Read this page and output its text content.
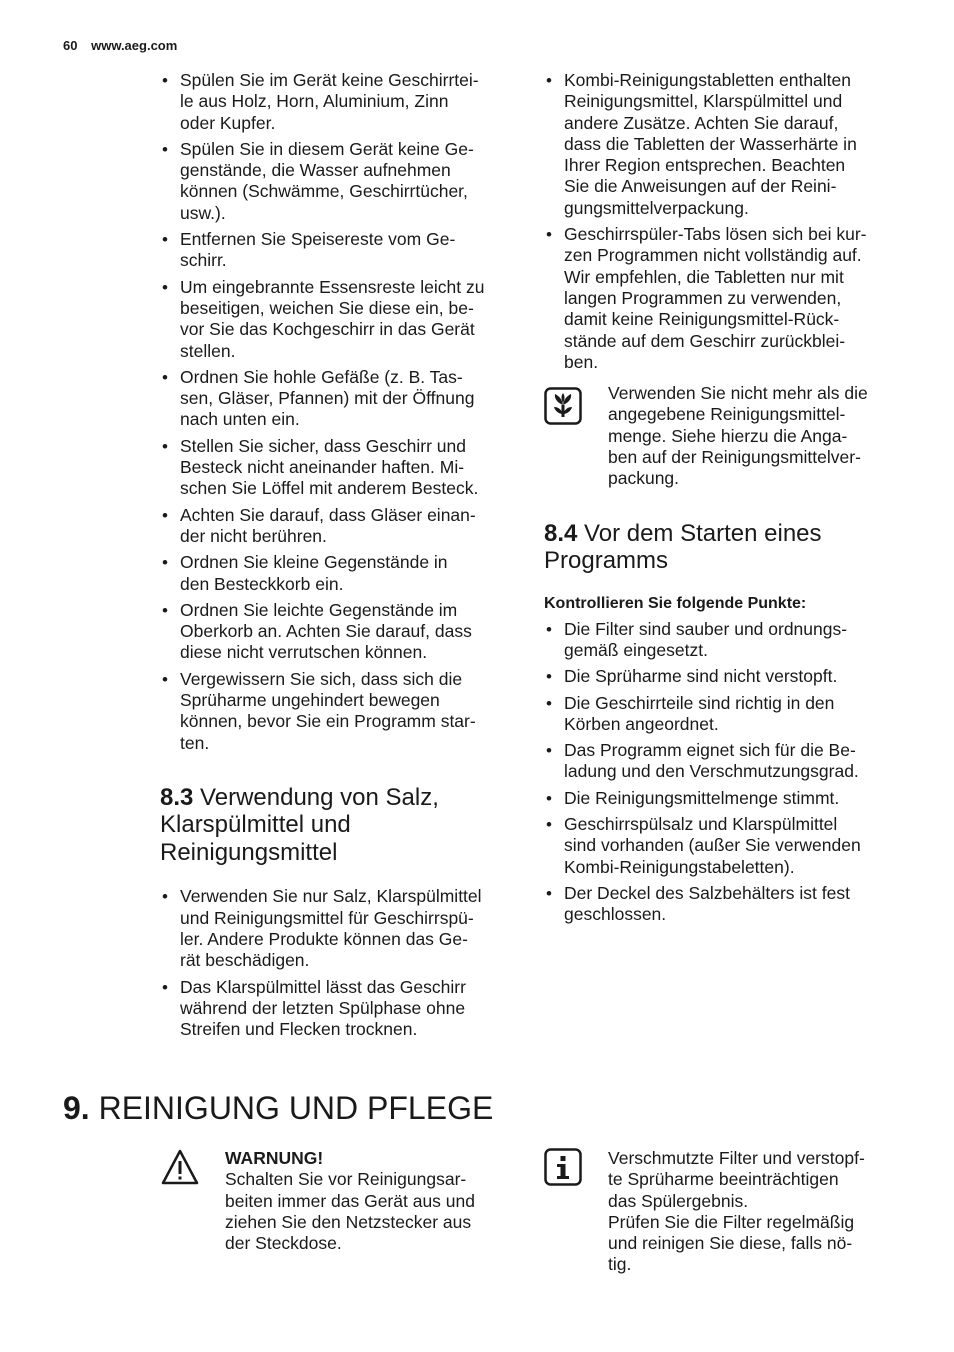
60 www.aeg.com
• Spülen Sie im Gerät keine Geschirrtei-
le aus Holz, Horn, Aluminium, Zinn
oder Kupfer.
• Spülen Sie in diesem Gerät keine Ge-
genstände, die Wasser aufnehmen
können (Schwämme, Geschirrtücher,
usw.).
• Entfernen Sie Speisereste vom Ge-
schirr.
• Um eingebrannte Essensreste leicht zu
beseitigen, weichen Sie diese ein, be-
vor Sie das Kochgeschirr in das Gerät
stellen.
• Ordnen Sie hohle Gefäße (z. B. Tas-
sen, Gläser, Pfannen) mit der Öffnung
nach unten ein.
• Stellen Sie sicher, dass Geschirr und
Besteck nicht aneinander haften. Mi-
schen Sie Löffel mit anderem Besteck.
• Achten Sie darauf, dass Gläser einan-
der nicht berühren.
• Ordnen Sie kleine Gegenstände in
den Besteckkorb ein.
• Ordnen Sie leichte Gegenstände im
Oberkorb an. Achten Sie darauf, dass
diese nicht verrutschen können.
• Vergewissern Sie sich, dass sich die
Sprüharme ungehindert bewegen
können, bevor Sie ein Programm star-
ten.
8.3 Verwendung von Salz,
Klarspülmittel und
Reinigungsmittel
• Verwenden Sie nur Salz, Klarspülmittel
und Reinigungsmittel für Geschirrspü-
ler. Andere Produkte können das Ge-
rät beschädigen.
• Das Klarspülmittel lässt das Geschirr
während der letzten Spülphase ohne
Streifen und Flecken trocknen.
• Kombi-Reinigungstabletten enthalten
Reinigungsmittel, Klarspülmittel und
andere Zusätze. Achten Sie darauf,
dass die Tabletten der Wasserhärte in
Ihrer Region entsprechen. Beachten
Sie die Anweisungen auf der Reini-
gungsmittelverpackung.
• Geschirrspüler-Tabs lösen sich bei kur-
zen Programmen nicht vollständig auf.
Wir empfehlen, die Tabletten nur mit
langen Programmen zu verwenden,
damit keine Reinigungsmittel-Rück-
stände auf dem Geschirr zurückblei-
ben.
Verwenden Sie nicht mehr als die
angegebene Reinigungsmittel-
menge. Siehe hierzu die Anga-
ben auf der Reinigungsmittelver-
packung.
8.4 Vor dem Starten eines
Programms
Kontrollieren Sie folgende Punkte:
• Die Filter sind sauber und ordnungs-
gemäß eingesetzt.
• Die Sprüharme sind nicht verstopft.
• Die Geschirrteile sind richtig in den
Körben angeordnet.
• Das Programm eignet sich für die Be-
ladung und den Verschmutzungsgrad.
• Die Reinigungsmittelmenge stimmt.
• Geschirrspülsalz und Klarspülmittel
sind vorhanden (außer Sie verwenden
Kombi-Reinigungstabeletten).
• Der Deckel des Salzbehälters ist fest
geschlossen.
9. REINIGUNG UND PFLEGE
WARNUNG!
Schalten Sie vor Reinigungsar-
beiten immer das Gerät aus und
ziehen Sie den Netzstecker aus
der Steckdose.
Verschmutzte Filter und verstopf-
te Sprüharme beeinträchtigen
das Spülergebnis.
Prüfen Sie die Filter regelmäßig
und reinigen Sie diese, falls nö-
tig.
